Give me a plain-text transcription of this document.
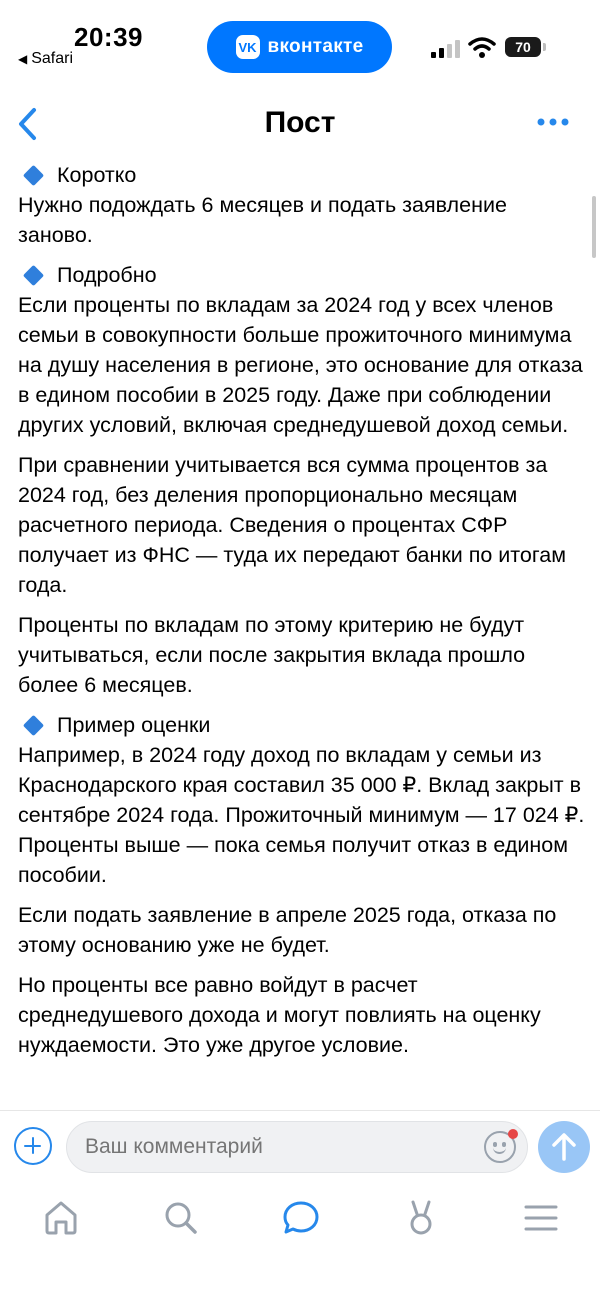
20:39
◀ Safari
VK вконтакте	70
Пост
Коротко

Нужно подождать 6 месяцев и подать заявление заново.

Подробно

Если проценты по вкладам за 2024 год у всех членов семьи в совокупности больше прожиточного минимума на душу населения в регионе, это основание для отказа в едином пособии в 2025 году. Даже при соблюдении других условий, включая среднедушевой доход семьи.

При сравнении учитывается вся сумма процентов за 2024 год, без деления пропорционально месяцам расчетного периода. Сведения о процентах СФР получает из ФНС — туда их передают банки по итогам года.

Проценты по вкладам по этому критерию не будут учитываться, если после закрытия вклада прошло более 6 месяцев.

Пример оценки

Например, в 2024 году доход по вкладам у семьи из Краснодарского края составил 35 000 ₽. Вклад закрыт в сентябре 2024 года. Прожиточный минимум — 17 024 ₽. Проценты выше — пока семья получит отказ в едином пособии.

Если подать заявление в апреле 2025 года, отказа по этому основанию уже не будет.

Но проценты все равно войдут в расчет среднедушевого дохода и могут повлиять на оценку нуждаемости. Это уже другое условие.

Ваш комментарий
